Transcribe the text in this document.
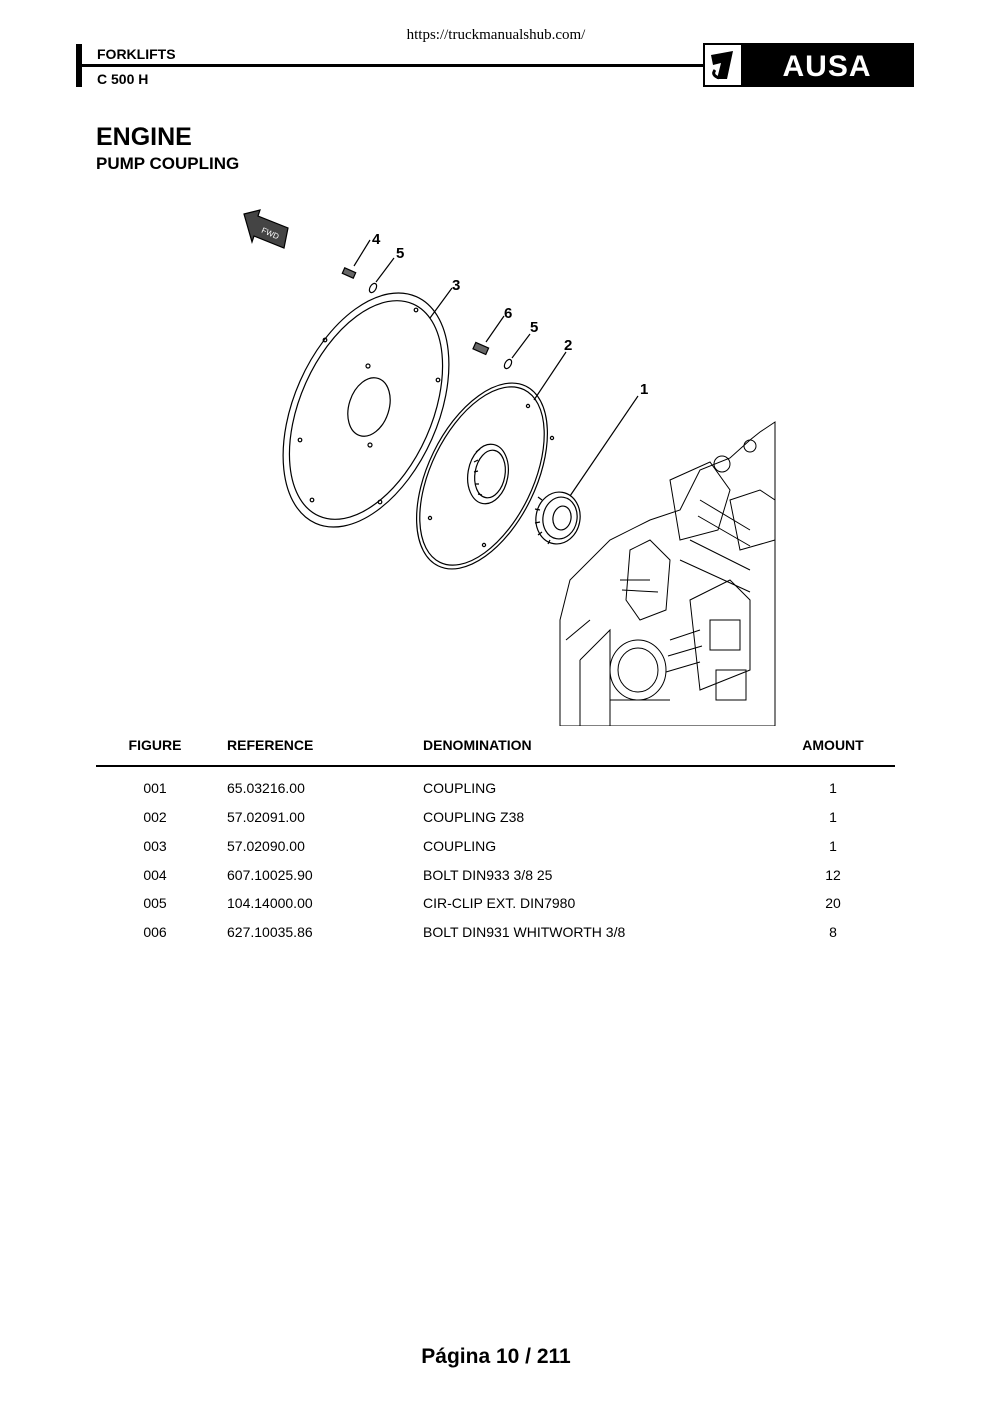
https://truckmanualshub.com/
FORKLIFTS
C 500 H	AUSA
ENGINE
PUMP COUPLING
FWD	4
5
3
6
5
2
1
FIGURE	REFERENCE	DENOMINATION	AMOUNT
001	65.03216.00	COUPLING	1
002	57.02091.00	COUPLING Z38	1
003	57.02090.00	COUPLING	1
004	607.10025.90	BOLT DIN933 3/8 25	12
005	104.14000.00	CIR-CLIP EXT. DIN7980	20
006	627.10035.86	BOLT DIN931 WHITWORTH 3/8	8
Página 10 / 211
